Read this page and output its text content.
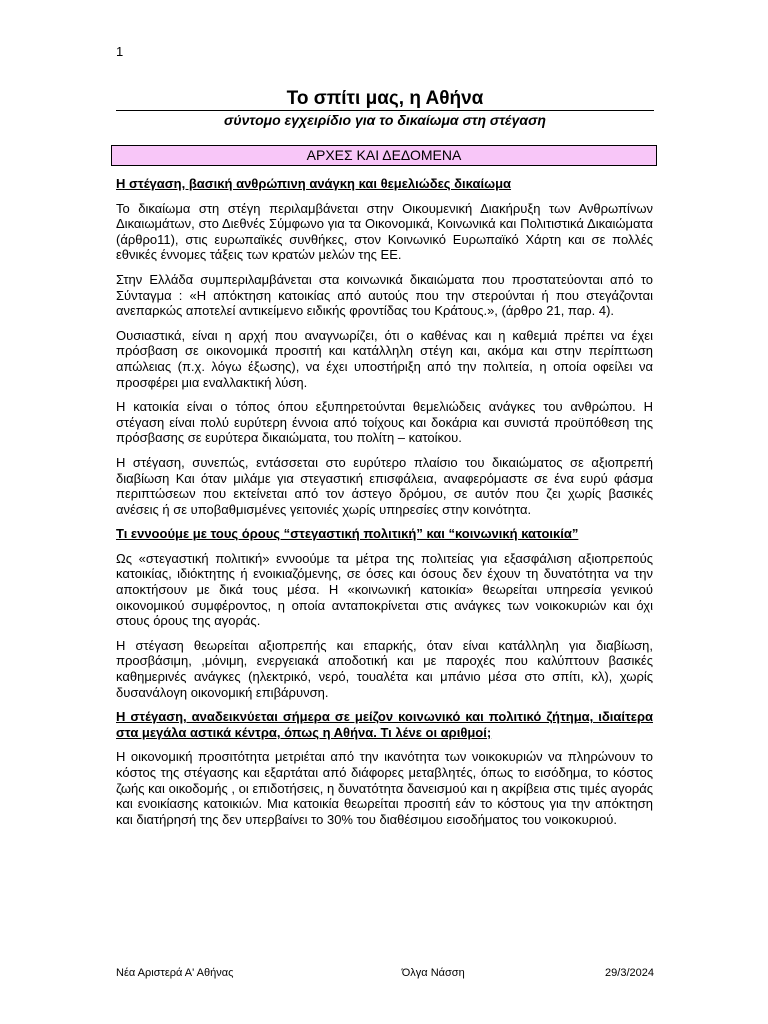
1
Το σπίτι μας, η Αθήνα
σύντομο εγχειρίδιο για το δικαίωμα στη στέγαση
ΑΡΧΕΣ ΚΑΙ ΔΕΔΟΜΕΝΑ

Η στέγαση, βασική ανθρώπινη ανάγκη και θεμελιώδες δικαίωμα

Το δικαίωμα στη στέγη περιλαμβάνεται στην Οικουμενική Διακήρυξη των Ανθρωπίνων Δικαιωμάτων, στο Διεθνές Σύμφωνο για τα Οικονομικά, Κοινωνικά και Πολιτιστικά Δικαιώματα (άρθρο11), στις ευρωπαϊκές συνθήκες, στον Κοινωνικό Ευρωπαϊκό Χάρτη και σε πολλές εθνικές έννομες τάξεις των κρατών μελών της ΕΕ.

Στην Ελλάδα συμπεριλαμβάνεται στα κοινωνικά δικαιώματα που προστατεύονται από το Σύνταγμα : «Η απόκτηση κατοικίας από αυτούς που την στερούνται ή που στεγάζονται ανεπαρκώς αποτελεί αντικείμενο ειδικής φροντίδας του Κράτους.», (άρθρο 21, παρ. 4).

Ουσιαστικά, είναι η αρχή που αναγνωρίζει, ότι ο καθένας και η καθεμιά πρέπει να έχει πρόσβαση σε οικονομικά προσιτή και κατάλληλη στέγη και, ακόμα και στην περίπτωση απώλειας (π.χ. λόγω έξωσης), να έχει υποστήριξη από την πολιτεία, η οποία οφείλει να προσφέρει μια εναλλακτική λύση.

Η κατοικία είναι ο τόπος όπου εξυπηρετούνται θεμελιώδεις ανάγκες του ανθρώπου. Η στέγαση είναι πολύ ευρύτερη έννοια από τοίχους και δοκάρια και συνιστά προϋπόθεση της πρόσβασης σε ευρύτερα δικαιώματα, του πολίτη – κατοίκου.

Η στέγαση, συνεπώς, εντάσσεται στο ευρύτερο πλαίσιο του δικαιώματος σε αξιοπρεπή διαβίωση Και όταν μιλάμε για στεγαστική επισφάλεια, αναφερόμαστε σε ένα ευρύ φάσμα περιπτώσεων που εκτείνεται από τον άστεγο δρόμου, σε αυτόν που ζει χωρίς βασικές ανέσεις ή σε υποβαθμισμένες γειτονιές χωρίς υπηρεσίες στην κοινότητα.

Τι εννοούμε με τους όρους “στεγαστική πολιτική” και “κοινωνική κατοικία”

Ως «στεγαστική πολιτική» εννοούμε τα μέτρα της πολιτείας για εξασφάλιση αξιοπρεπούς κατοικίας, ιδιόκτητης ή ενοικιαζόμενης, σε όσες και όσους δεν έχουν τη δυνατότητα να την αποκτήσουν με δικά τους μέσα. Η «κοινωνική κατοικία» θεωρείται υπηρεσία γενικού οικονομικού συμφέροντος, η οποία ανταποκρίνεται στις ανάγκες των νοικοκυριών και όχι στους όρους της αγοράς.

Η στέγαση θεωρείται αξιοπρεπής και επαρκής, όταν είναι κατάλληλη για διαβίωση, προσβάσιμη, ,μόνιμη, ενεργειακά αποδοτική και με παροχές που καλύπτουν βασικές καθημερινές ανάγκες (ηλεκτρικό, νερό, τουαλέτα και μπάνιο μέσα στο σπίτι, κλ), χωρίς δυσανάλογη οικονομική επιβάρυνση.

Η στέγαση, αναδεικνύεται σήμερα σε μείζον κοινωνικό και πολιτικό ζήτημα, ιδιαίτερα στα μεγάλα αστικά κέντρα, όπως η Αθήνα. Τι λένε οι αριθμοί;

Η οικονομική προσιτότητα μετριέται από την ικανότητα των νοικοκυριών να πληρώνουν το κόστος της στέγασης και εξαρτάται από διάφορες μεταβλητές, όπως το εισόδημα, το κόστος ζωής και οικοδομής , οι επιδοτήσεις, η δυνατότητα δανεισμού και η ακρίβεια στις τιμές αγοράς και ενοικίασης κατοικιών. Μια κατοικία θεωρείται προσιτή εάν το κόστους για την απόκτηση και διατήρησή της δεν υπερβαίνει το 30% του διαθέσιμου εισοδήματος του νοικοκυριού.

Νέα Αριστερά Α' Αθήνας	Όλγα Νάσση	29/3/2024
